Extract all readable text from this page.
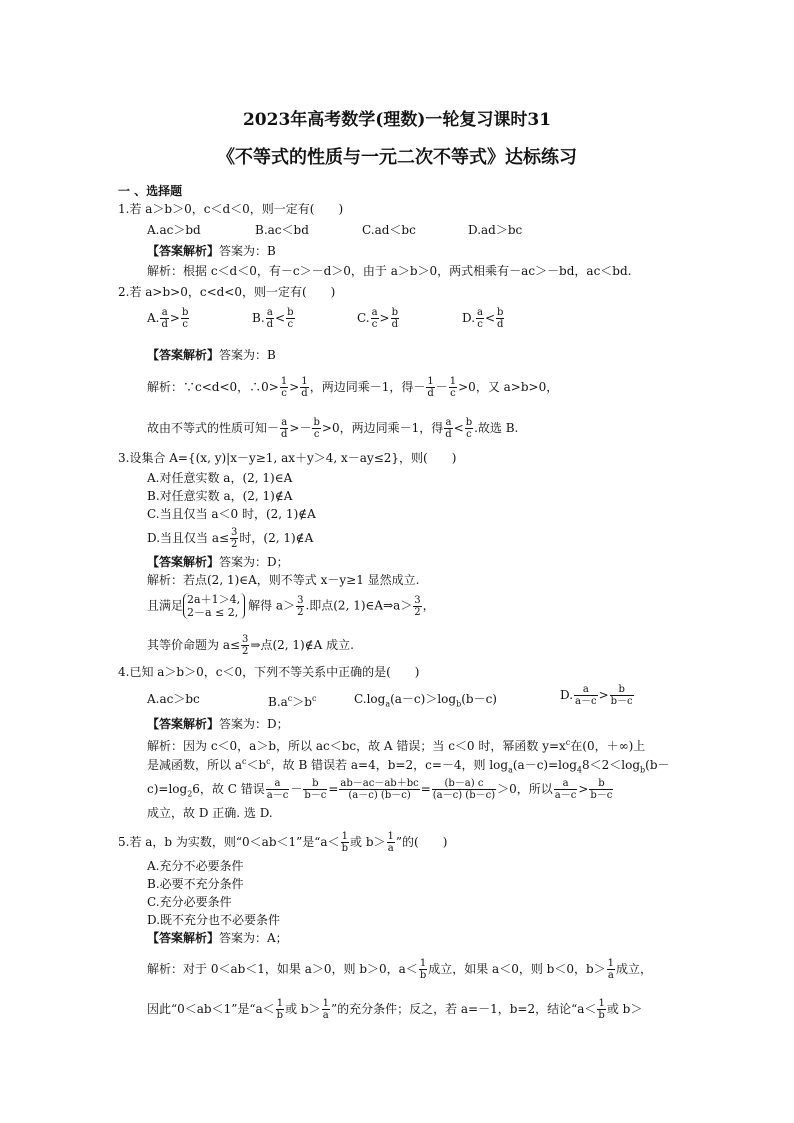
2023年高考数学(理数)一轮复习课时31
《不等式的性质与一元二次不等式》达标练习
一 、选择题
1.若 a＞b＞0，c＜d＜0，则一定有(　　)
A.ac＞bd	B.ac＜bd	C.ad＜bc	D.ad＞bc
【答案解析】答案为：B
解析：根据 c＜d＜0，有－c＞－d＞0，由于 a＞b＞0，两式相乘有－ac＞－bd，ac＜bd.
2.若 a>b>0，c<d<0，则一定有(　　)
A. $\frac{a}{d} > \frac{b}{c}$	B. $\frac{a}{d} < \frac{b}{c}$	C. $\frac{a}{c} > \frac{b}{d}$	D. $\frac{a}{c} < \frac{b}{d}$
【答案解析】答案为：B
解析：∵c<d<0，∴0> $\frac{1}{c} > \frac{1}{d}$ ，两边同乘－1，得－ $\frac{1}{d} - \frac{1}{c} >0$，又 a>b>0，
故由不等式的性质可知－ $\frac{a}{d} >- \frac{b}{c} >0$，两边同乘－1，得 $\frac{a}{d} < \frac{b}{c}$ .故选 B.
3.设集合 A={(x, y)|x－y≥1, ax＋y＞4, x－ay≤2}，则(　　)
A.对任意实数 a，(2, 1)∈A
B.对任意实数 a，(2, 1)∉A
C.当且仅当 a＜0 时，(2, 1)∉A
D.当且仅当 $a\le \frac{3}{2}$ 时，(2, 1)∉A
【答案解析】答案为：D；
解析：若点(2, 1)∈A，则不等式 x－y≥1 显然成立.
且满足 2a＋1＞4,
2－a ≤ 2, 解得 $a> \frac{3}{2}$ .即点(2, 1)∈A⇒a＞ $\frac{3}{2}$ ，
其等价命题为 $a\le \frac{3}{2}$ ⇒点(2, 1)∉A 成立.
4.已知 a＞b＞0，c＜0，下列不等关系中正确的是(　　)
A.ac＞bc	$B.a^c>b^c$	$C.\log_a(a-c)>\log_b(b-c)$	D. $\frac{a}{a-c} > \frac{b}{b-c}$
【答案解析】答案为：D；
解析：因为 c＜0，a＞b，所以 ac＜bc，故 A 错误；当 c＜0 时，幂函数 $y=x^c$在(0，＋∞)上
是减函数，所以 $a^c<b^c$，故 B 错误若 a=4，b=2，c=－4，则 $\log_a(a-c)=\log_48<2<\log_b(b-$
$c)=\log_26$，故 C 错误 $\frac{a}{a-c} - \frac{b}{b-c} = \frac{ab-ac-ab+bc}{(a-c) (b-c)} = \frac{(b-a) c}{(a-c) (b-c)} >0$，所以 $\frac{a}{a-c} > \frac{b}{b-c}$
成立，故 D 正确. 选 D.
5.若 a，b 为实数，则“0＜ab＜1”是“$a< \frac{1}{b}$ 或 $b> \frac{1}{a}$ ”的(　　)
A.充分不必要条件
B.必要不充分条件
C.充分必要条件
D.既不充分也不必要条件
【答案解析】答案为：A；
解析：对于 0＜ab＜1，如果 a＞0，则 b＞0，$a< \frac{1}{b}$ 成立，如果 a＜0，则 b＜0，$b> \frac{1}{a}$ 成立，
因此“0＜ab＜1”是“$a< \frac{1}{b}$ 或 $b> \frac{1}{a}$ ”的充分条件；反之，若 a=－1，b=2，结论“$a< \frac{1}{b}$ 或 b＞
